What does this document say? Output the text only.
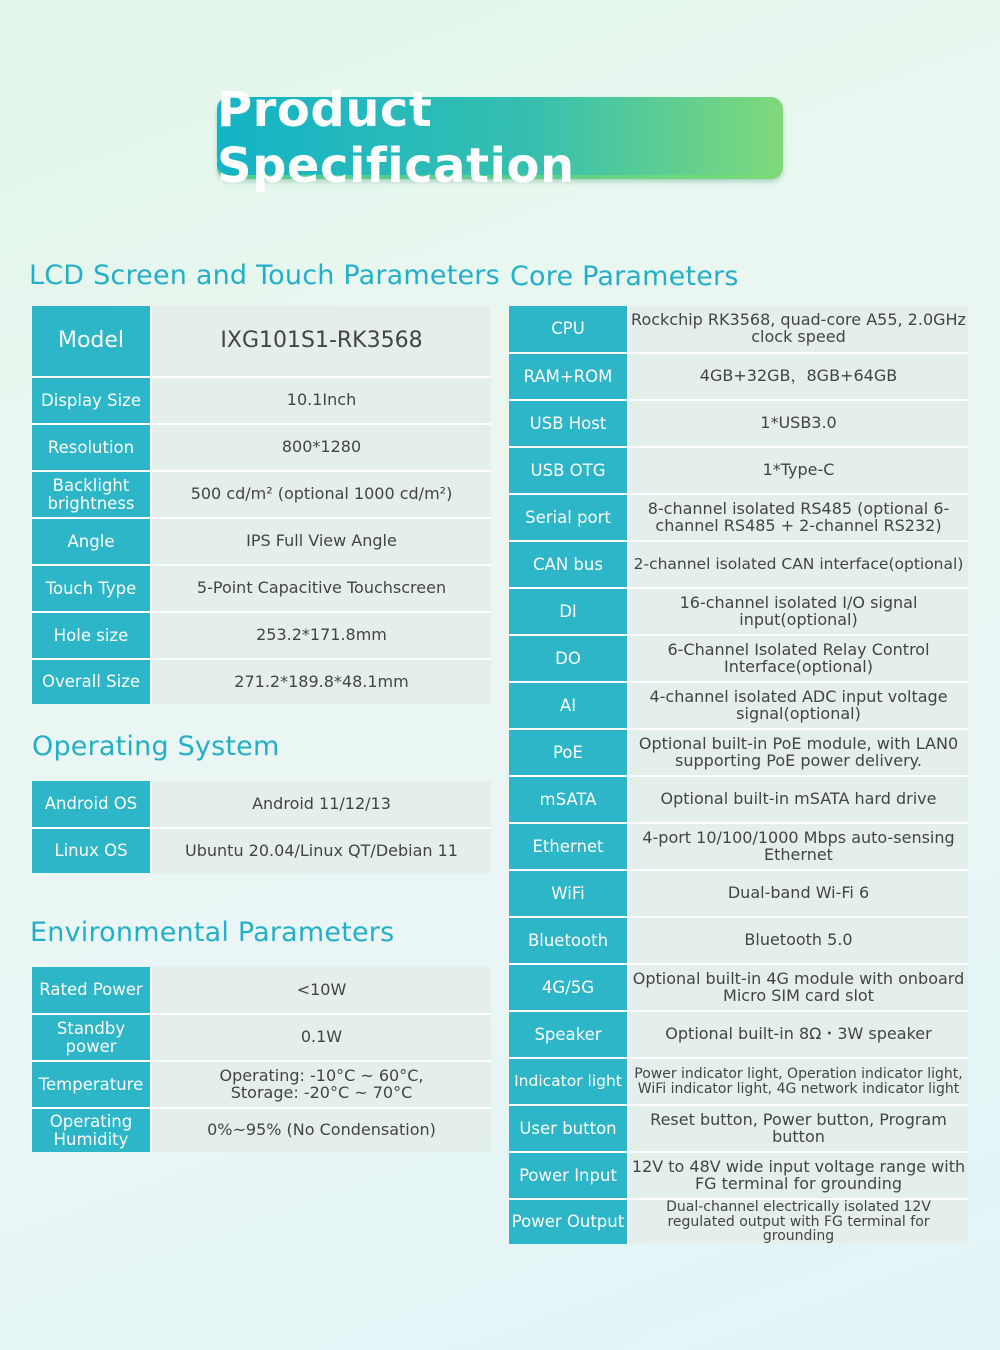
Product Specification
LCD Screen and Touch Parameters
Model	IXG101S1-RK3568
Display Size	10.1Inch
Resolution	800*1280
Backlight brightness	500 cd/m² (optional 1000 cd/m²)
Angle	IPS Full View Angle
Touch Type	5-Point Capacitive Touchscreen
Hole size	253.2*171.8mm
Overall Size	271.2*189.8*48.1mm
Operating System
Android OS	Android 11/12/13
Linux OS	Ubuntu 20.04/Linux QT/Debian 11
Environmental Parameters
Rated Power	<10W
Standby power	0.1W
Temperature	Operating: -10°C ~ 60°C,
Storage: -20°C ~ 70°C
Operating Humidity	0%~95% (No Condensation)
Core Parameters
CPU	Rockchip RK3568, quad-core A55, 2.0GHz clock speed
RAM+ROM	4GB+32GB，8GB+64GB
USB Host	1*USB3.0
USB OTG	1*Type-C
Serial port	8-channel isolated RS485 (optional 6-channel RS485 + 2-channel RS232)
CAN bus	2-channel isolated CAN interface(optional)
DI	16-channel isolated I/O signal input(optional)
DO	6-Channel Isolated Relay Control Interface(optional)
AI	4-channel isolated ADC input voltage signal(optional)
PoE	Optional built-in PoE module, with LAN0 supporting PoE power delivery.
mSATA	Optional built-in mSATA hard drive
Ethernet	4-port 10/100/1000 Mbps auto-sensing Ethernet
WiFi	Dual-band Wi-Fi 6
Bluetooth	Bluetooth 5.0
4G/5G	Optional built-in 4G module with onboard Micro SIM card slot
Speaker	Optional built-in 8Ω・3W speaker
Indicator light	Power indicator light, Operation indicator light, WiFi indicator light, 4G network indicator light
User button	Reset button, Power button, Program button
Power Input	12V to 48V wide input voltage range with FG terminal for grounding
Power Output	Dual-channel electrically isolated 12V regulated output with FG terminal for grounding
